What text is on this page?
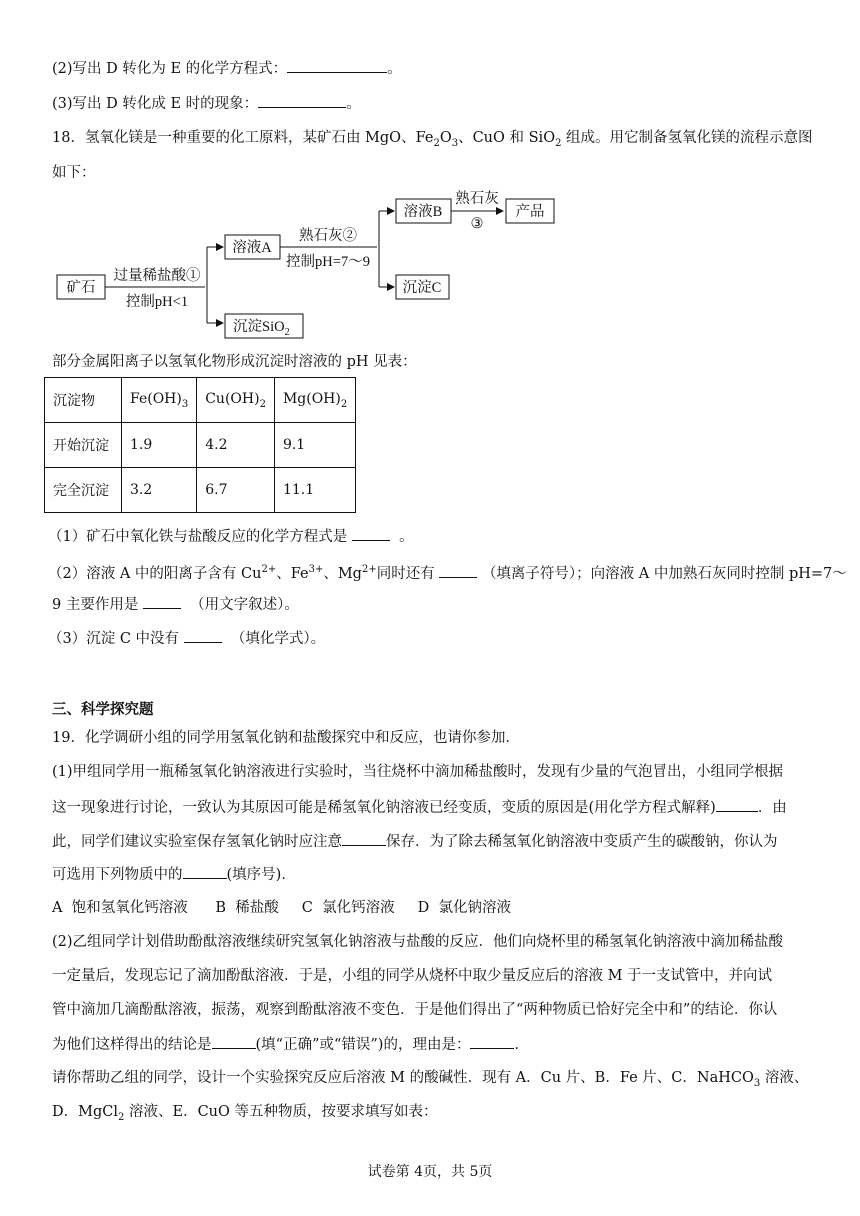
(2)写出 D 转化为 E 的化学方程式：	。
(3)写出 D 转化成 E 时的现象：	。
18．氢氧化镁是一种重要的化工原料，某矿石由 MgO、$Fe_2O_3$、CuO 和 SiO$_2$ 组成。用它制备氢氧化镁的流程示意图
如下：
矿石
过量稀盐酸①
控制pH<1
溶液A
沉淀SiO$_2$
熟石灰②
控制pH=7～9
溶液B
沉淀C
熟石灰
③
产品
部分金属阳离子以氢氧化物形成沉淀时溶液的 pH 见表：
沉淀物	$Fe(OH)_3$	$Cu(OH)_2$	$Mg(OH)_2$
开始沉淀	1.9	4.2	9.1
完全沉淀	3.2	6.7	11.1
（1）矿石中氧化铁与盐酸反应的化学方程式是	。
（2）溶液 A 中的阳离子含有 $Cu^{2+}$、$Fe^{3+}$、$Mg^{2+}$同时还有	（填离子符号）；向溶液 A 中加熟石灰同时控制 pH=7～
9 主要作用是	（用文字叙述）。
（3）沉淀 C 中没有	（填化学式）。
三、科学探究题
19．化学调研小组的同学用氢氧化钠和盐酸探究中和反应，也请你参加．
(1)甲组同学用一瓶稀氢氧化钠溶液进行实验时，当往烧杯中滴加稀盐酸时，发现有少量的气泡冒出，小组同学根据
这一现象进行讨论，一致认为其原因可能是稀氢氧化钠溶液已经变质，变质的原因是(用化学方程式解释)	．由
此，同学们建议实验室保存氢氧化钠时应注意	保存．为了除去稀氢氧化钠溶液中变质产生的碳酸钠，你认为
可选用下列物质中的	(填序号)．
A  饱和氢氧化钙溶液      B  稀盐酸     C  氯化钙溶液     D  氯化钠溶液
(2)乙组同学计划借助酚酞溶液继续研究氢氧化钠溶液与盐酸的反应．他们向烧杯里的稀氢氧化钠溶液中滴加稀盐酸
一定量后，发现忘记了滴加酚酞溶液．于是，小组的同学从烧杯中取少量反应后的溶液 M 于一支试管中，并向试
管中滴加几滴酚酞溶液，振荡，观察到酚酞溶液不变色．于是他们得出了“两种物质已恰好完全中和”的结论．你认
为他们这样得出的结论是	(填“正确”或“错误”)的，理由是：	．
请你帮助乙组的同学，设计一个实验探究反应后溶液 M 的酸碱性．现有 A．Cu 片、B．Fe 片、C．NaHCO$_3$ 溶液、
D．MgCl$_2$ 溶液、E．CuO 等五种物质，按要求填写如表：
试卷第 4页，共 5页
